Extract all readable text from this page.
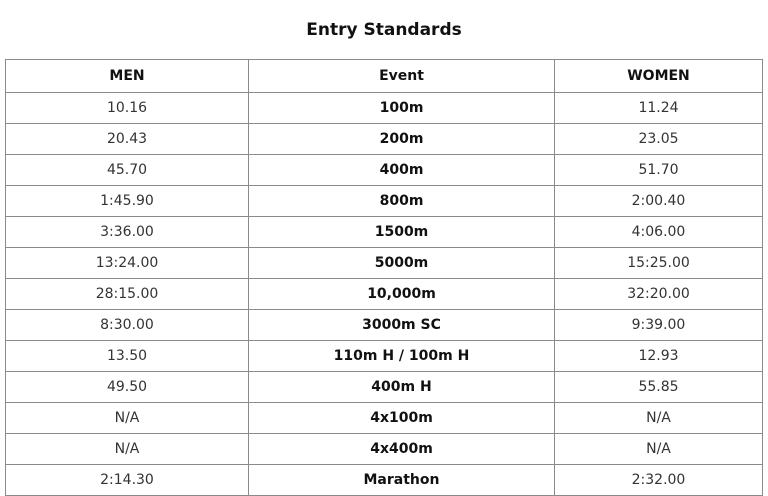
Entry Standards
MEN	Event	WOMEN
10.16	100m	11.24
20.43	200m	23.05
45.70	400m	51.70
1:45.90	800m	2:00.40
3:36.00	1500m	4:06.00
13:24.00	5000m	15:25.00
28:15.00	10,000m	32:20.00
8:30.00	3000m SC	9:39.00
13.50	110m H / 100m H	12.93
49.50	400m H	55.85
N/A	4x100m	N/A
N/A	4x400m	N/A
2:14.30	Marathon	2:32.00
